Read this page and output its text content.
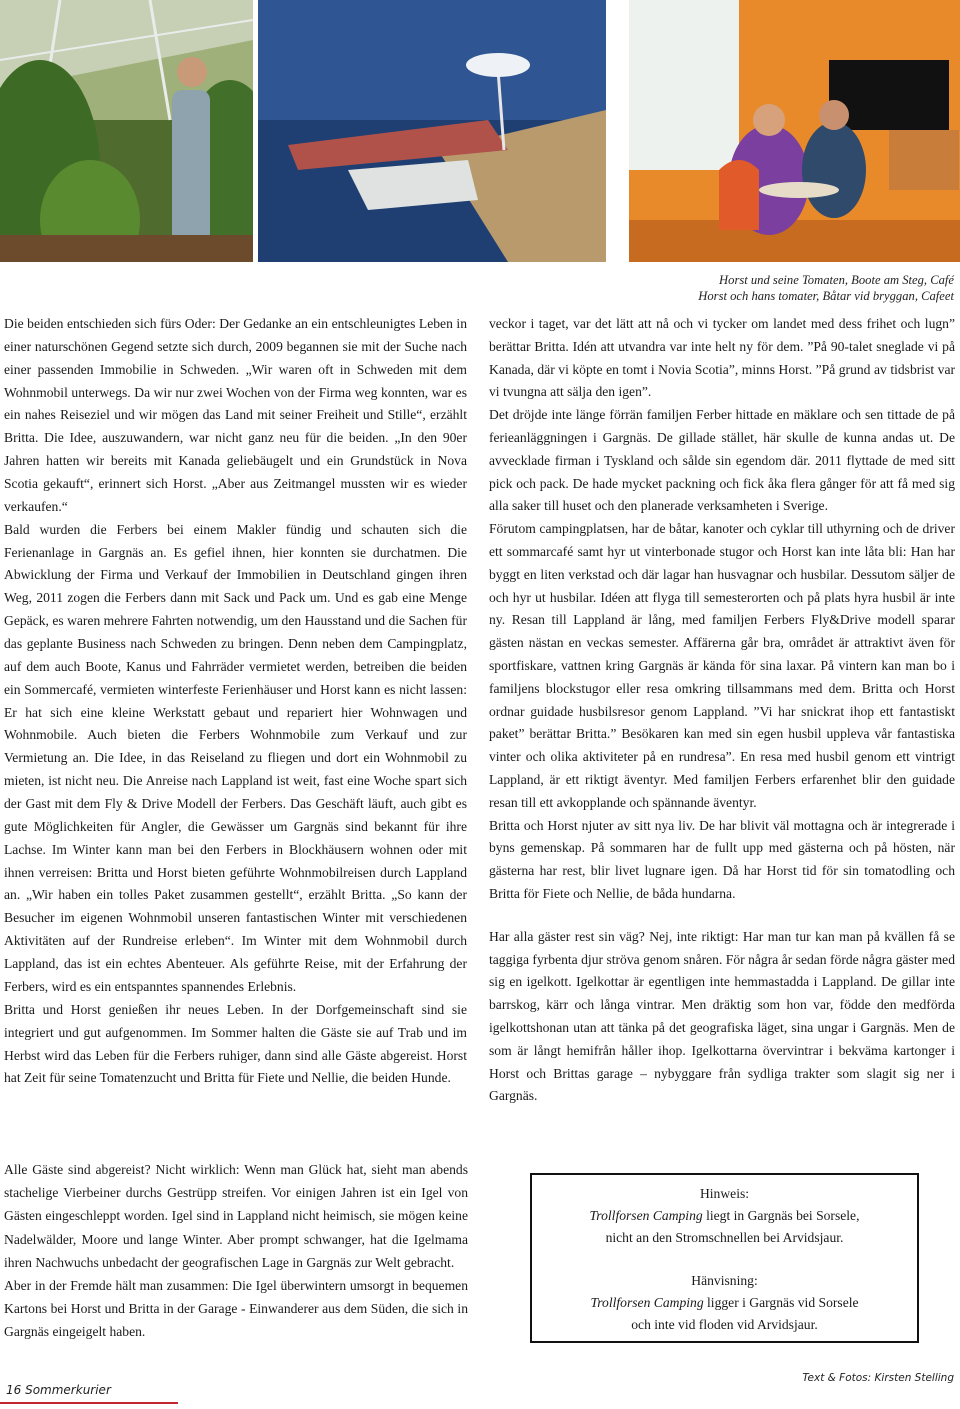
Horst und seine Tomaten, Boote am Steg, Café
Horst och hans tomater, Båtar vid bryggan, Cafeet

Die beiden entschieden sich fürs Oder: Der Gedanke an ein entschleunigtes Leben in einer naturschönen Gegend setzte sich durch, 2009 begannen sie mit der Suche nach einer passenden Immobilie in Schweden. „Wir waren oft in Schweden mit dem Wohnmobil unterwegs. Da wir nur zwei Wochen von der Firma weg konnten, war es ein nahes Reiseziel und wir mögen das Land mit seiner Freiheit und Stille“, erzählt Britta. Die Idee, auszuwandern, war nicht ganz neu für die beiden. „In den 90er Jahren hatten wir bereits mit Kanada geliebäugelt und ein Grundstück in Nova Scotia gekauft“, erinnert sich Horst. „Aber aus Zeitmangel mussten wir es wieder verkaufen.“

Bald wurden die Ferbers bei einem Makler fündig und schauten sich die Ferienanlage in Gargnäs an. Es gefiel ihnen, hier konnten sie durchatmen. Die Abwicklung der Firma und Verkauf der Immobilien in Deutschland gingen ihren Weg, 2011 zogen die Ferbers dann mit Sack und Pack um. Und es gab eine Menge Gepäck, es waren mehrere Fahrten notwendig, um den Hausstand und die Sachen für das geplante Business nach Schweden zu bringen. Denn neben dem Campingplatz, auf dem auch Boote, Kanus und Fahrräder vermietet werden, betreiben die beiden ein Sommercafé, vermieten winterfeste Ferienhäuser und Horst kann es nicht lassen: Er hat sich eine kleine Werkstatt gebaut und repariert hier Wohnwagen und Wohnmobile. Auch bieten die Ferbers Wohnmobile zum Verkauf und zur Vermietung an. Die Idee, in das Reiseland zu fliegen und dort ein Wohnmobil zu mieten, ist nicht neu. Die Anreise nach Lappland ist weit, fast eine Woche spart sich der Gast mit dem Fly & Drive Modell der Ferbers. Das Geschäft läuft, auch gibt es gute Möglichkeiten für Angler, die Gewässer um Gargnäs sind bekannt für ihre Lachse. Im Winter kann man bei den Ferbers in Blockhäusern wohnen oder mit ihnen verreisen: Britta und Horst bieten geführte Wohnmobilreisen durch Lappland an. „Wir haben ein tolles Paket zusammen gestellt“, erzählt Britta. „So kann der Besucher im eigenen Wohnmobil unseren fantastischen Winter mit verschiedenen Aktivitäten auf der Rundreise erleben“. Im Winter mit dem Wohnmobil durch Lappland, das ist ein echtes Abenteuer. Als geführte Reise, mit der Erfahrung der Ferbers, wird es ein entspanntes spannendes Erlebnis.

Britta und Horst genießen ihr neues Leben. In der Dorfgemeinschaft sind sie integriert und gut aufgenommen. Im Sommer halten die Gäste sie auf Trab und im Herbst wird das Leben für die Ferbers ruhiger, dann sind alle Gäste abgereist. Horst hat Zeit für seine Tomatenzucht und Britta für Fiete und Nellie, die beiden Hunde.

veckor i taget, var det lätt att nå och vi tycker om landet med dess frihet och lugn” berättar Britta. Idén att utvandra var inte helt ny för dem. ”På 90-talet sneglade vi på Kanada, där vi köpte en tomt i Novia Scotia”, minns Horst. ”På grund av tidsbrist var vi tvungna att sälja den igen”.

Det dröjde inte länge förrän familjen Ferber hittade en mäklare och sen tittade de på ferieanläggningen i Gargnäs. De gillade stället, här skulle de kunna andas ut. De avvecklade firman i Tyskland och sålde sin egendom där. 2011 flyttade de med sitt pick och pack. De hade mycket packning och fick åka flera gånger för att få med sig alla saker till huset och den planerade verksamheten i Sverige.

Förutom campingplatsen, har de båtar, kanoter och cyklar till uthyrning och de driver ett sommarcafé samt hyr ut vinterbonade stugor och Horst kan inte låta bli: Han har byggt en liten verkstad och där lagar han husvagnar och husbilar. Dessutom säljer de och hyr ut husbilar. Idéen att flyga till semesterorten och på plats hyra husbil är inte ny. Resan till Lappland är lång, med familjen Ferbers Fly&Drive modell sparar gästen nästan en veckas semester. Affärerna går bra, området är attraktivt även för sportfiskare, vattnen kring Gargnäs är kända för sina laxar. På vintern kan man bo i familjens blockstugor eller resa omkring tillsammans med dem. Britta och Horst ordnar guidade husbilsresor genom Lappland. ”Vi har snickrat ihop ett fantastiskt paket” berättar Britta.” Besökaren kan med sin egen husbil uppleva vår fantastiska vinter och olika aktiviteter på en rundresa”. En resa med husbil genom ett vintrigt Lappland, är ett riktigt äventyr. Med familjen Ferbers erfarenhet blir den guidade resan till ett avkopplande och spännande äventyr.

Britta och Horst njuter av sitt nya liv. De har blivit väl mottagna och är integrerade i byns gemenskap. På sommaren har de fullt upp med gästerna och på hösten, när gästerna har rest, blir livet lugnare igen. Då har Horst tid för sin tomatodling och Britta för Fiete och Nellie, de båda hundarna.

Har alla gäster rest sin väg? Nej, inte riktigt: Har man tur kan man på kvällen få se taggiga fyrbenta djur ströva genom snåren. För några år sedan förde några gäster med sig en igelkott. Igelkottar är egentligen inte hemmastadda i Lappland. De gillar inte barrskog, kärr och långa vintrar. Men dräktig som hon var, födde den medförda igelkottshonan utan att tänka på det geografiska läget, sina ungar i Gargnäs. Men de som är långt hemifrån håller ihop. Igelkottarna övervintrar i bekväma kartonger i Horst och Brittas garage – nybyggare från sydliga trakter som slagit sig ner i Gargnäs.

Alle Gäste sind abgereist? Nicht wirklich: Wenn man Glück hat, sieht man abends stachelige Vierbeiner durchs Gestrüpp streifen. Vor einigen Jahren ist ein Igel von Gästen eingeschleppt worden. Igel sind in Lappland nicht heimisch, sie mögen keine Nadelwälder, Moore und lange Winter. Aber prompt schwanger, hat die Igelmama ihren Nachwuchs unbedacht der geografischen Lage in Gargnäs zur Welt gebracht.

Aber in der Fremde hält man zusammen: Die Igel überwintern umsorgt in bequemen Kartons bei Horst und Britta in der Garage - Einwanderer aus dem Süden, die sich in Gargnäs eingeigelt haben.

Hinweis:
Trollforsen Camping liegt in Gargnäs bei Sorsele,
nicht an den Stromschnellen bei Arvidsjaur.
Hänvisning:
Trollforsen Camping ligger i Gargnäs vid Sorsele
och inte vid floden vid Arvidsjaur.
16 Sommerkurier
Text & Fotos: Kirsten Stelling
